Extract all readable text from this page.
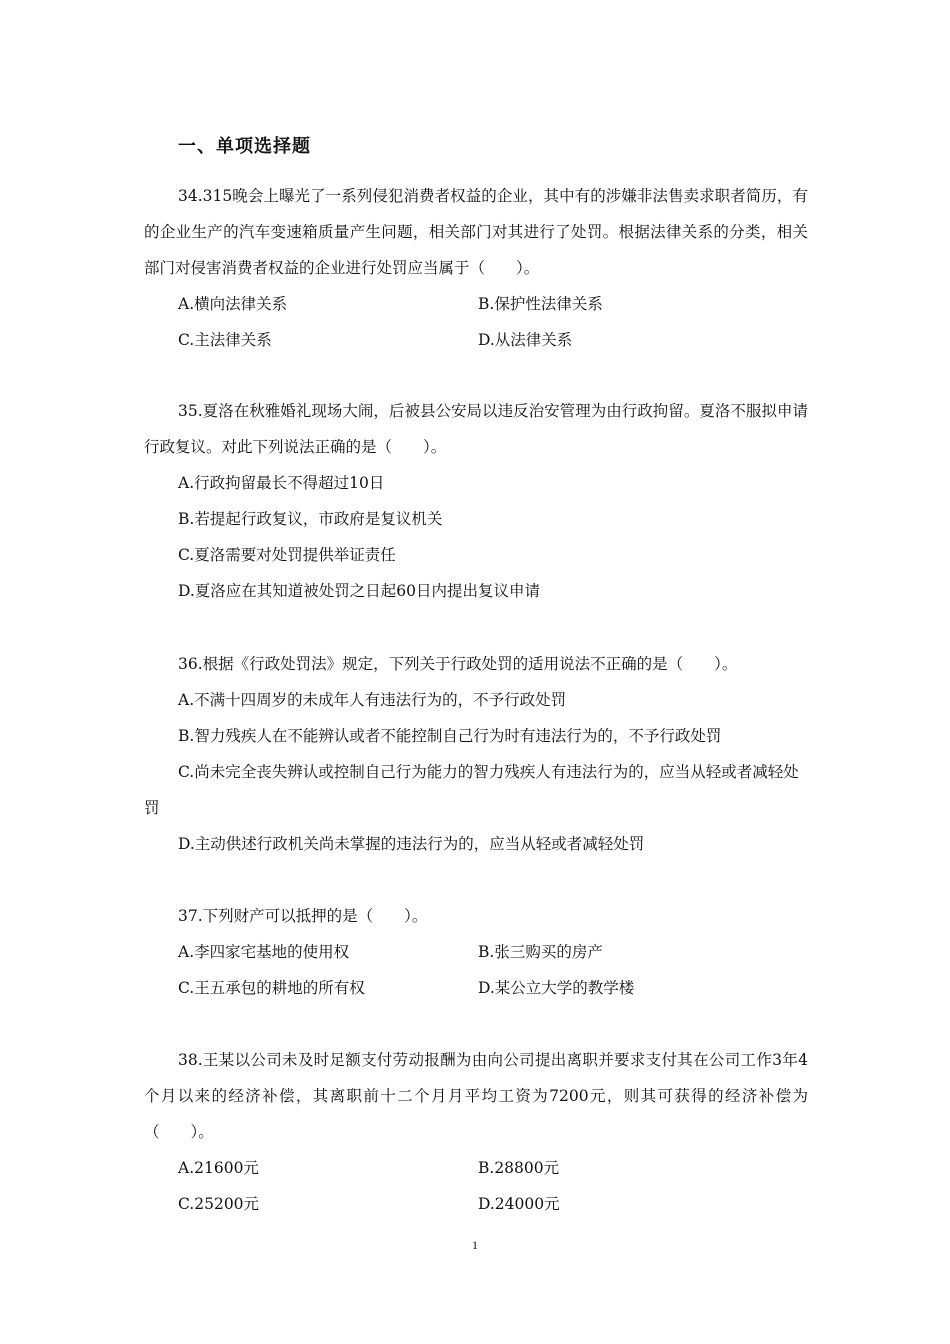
一、单项选择题

34.315晚会上曝光了一系列侵犯消费者权益的企业，其中有的涉嫌非法售卖求职者简历，有的企业生产的汽车变速箱质量产生问题，相关部门对其进行了处罚。根据法律关系的分类，相关部门对侵害消费者权益的企业进行处罚应当属于（　　）。

A.横向法律关系	B.保护性法律关系

C.主法律关系	D.从法律关系

35.夏洛在秋雅婚礼现场大闹，后被县公安局以违反治安管理为由行政拘留。夏洛不服拟申请行政复议。对此下列说法正确的是（　　）。

A.行政拘留最长不得超过10日

B.若提起行政复议，市政府是复议机关

C.夏洛需要对处罚提供举证责任

D.夏洛应在其知道被处罚之日起60日内提出复议申请

36.根据《行政处罚法》规定，下列关于行政处罚的适用说法不正确的是（　　）。

A.不满十四周岁的未成年人有违法行为的，不予行政处罚

B.智力残疾人在不能辨认或者不能控制自己行为时有违法行为的，不予行政处罚

C.尚未完全丧失辨认或控制自己行为能力的智力残疾人有违法行为的，应当从轻或者减轻处罚

D.主动供述行政机关尚未掌握的违法行为的，应当从轻或者减轻处罚

37.下列财产可以抵押的是（　　）。

A.李四家宅基地的使用权	B.张三购买的房产

C.王五承包的耕地的所有权	D.某公立大学的教学楼

38.王某以公司未及时足额支付劳动报酬为由向公司提出离职并要求支付其在公司工作3年4个月以来的经济补偿，其离职前十二个月月平均工资为7200元，则其可获得的经济补偿为（　　）。

A.21600元	B.28800元

C.25200元	D.24000元

1
